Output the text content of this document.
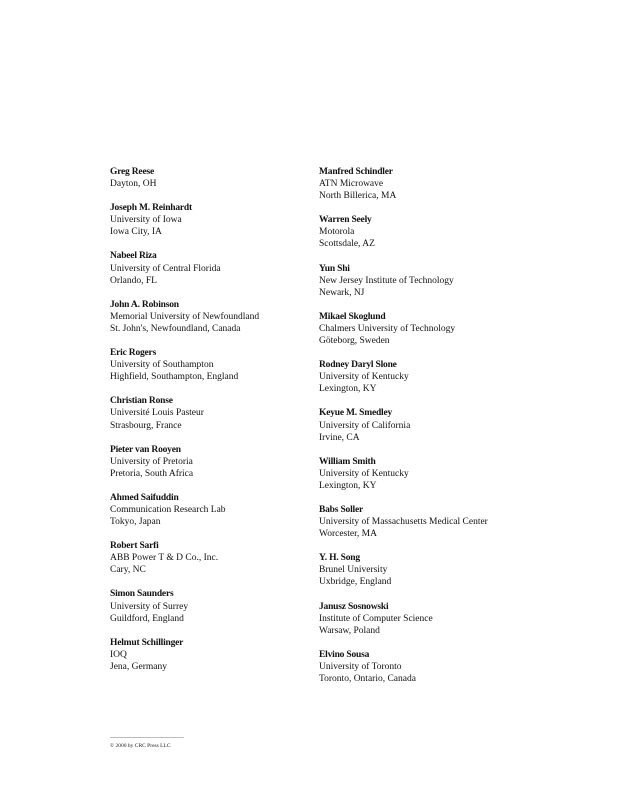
Greg Reese
Dayton, OH
Joseph M. Reinhardt
University of Iowa
Iowa City, IA
Nabeel Riza
University of Central Florida
Orlando, FL
John A. Robinson
Memorial University of Newfoundland
St. John's, Newfoundland, Canada
Eric Rogers
University of Southampton
Highfield, Southampton, England
Christian Ronse
Université Louis Pasteur
Strasbourg, France
Pieter van Rooyen
University of Pretoria
Pretoria, South Africa
Ahmed Saifuddin
Communication Research Lab
Tokyo, Japan
Robert Sarfi
ABB Power T & D Co., Inc.
Cary, NC
Simon Saunders
University of Surrey
Guildford, England
Helmut Schillinger
IOQ
Jena, Germany
Manfred Schindler
ATN Microwave
North Billerica, MA
Warren Seely
Motorola
Scottsdale, AZ
Yun Shi
New Jersey Institute of Technology
Newark, NJ
Mikael Skoglund
Chalmers University of Technology
Göteborg, Sweden
Rodney Daryl Slone
University of Kentucky
Lexington, KY
Keyue M. Smedley
University of California
Irvine, CA
William Smith
University of Kentucky
Lexington, KY
Babs Soller
University of Massachusetts Medical Center
Worcester, MA
Y. H. Song
Brunel University
Uxbridge, England
Janusz Sosnowski
Institute of Computer Science
Warsaw, Poland
Elvino Sousa
University of Toronto
Toronto, Ontario, Canada
© 2000 by CRC Press LLC
